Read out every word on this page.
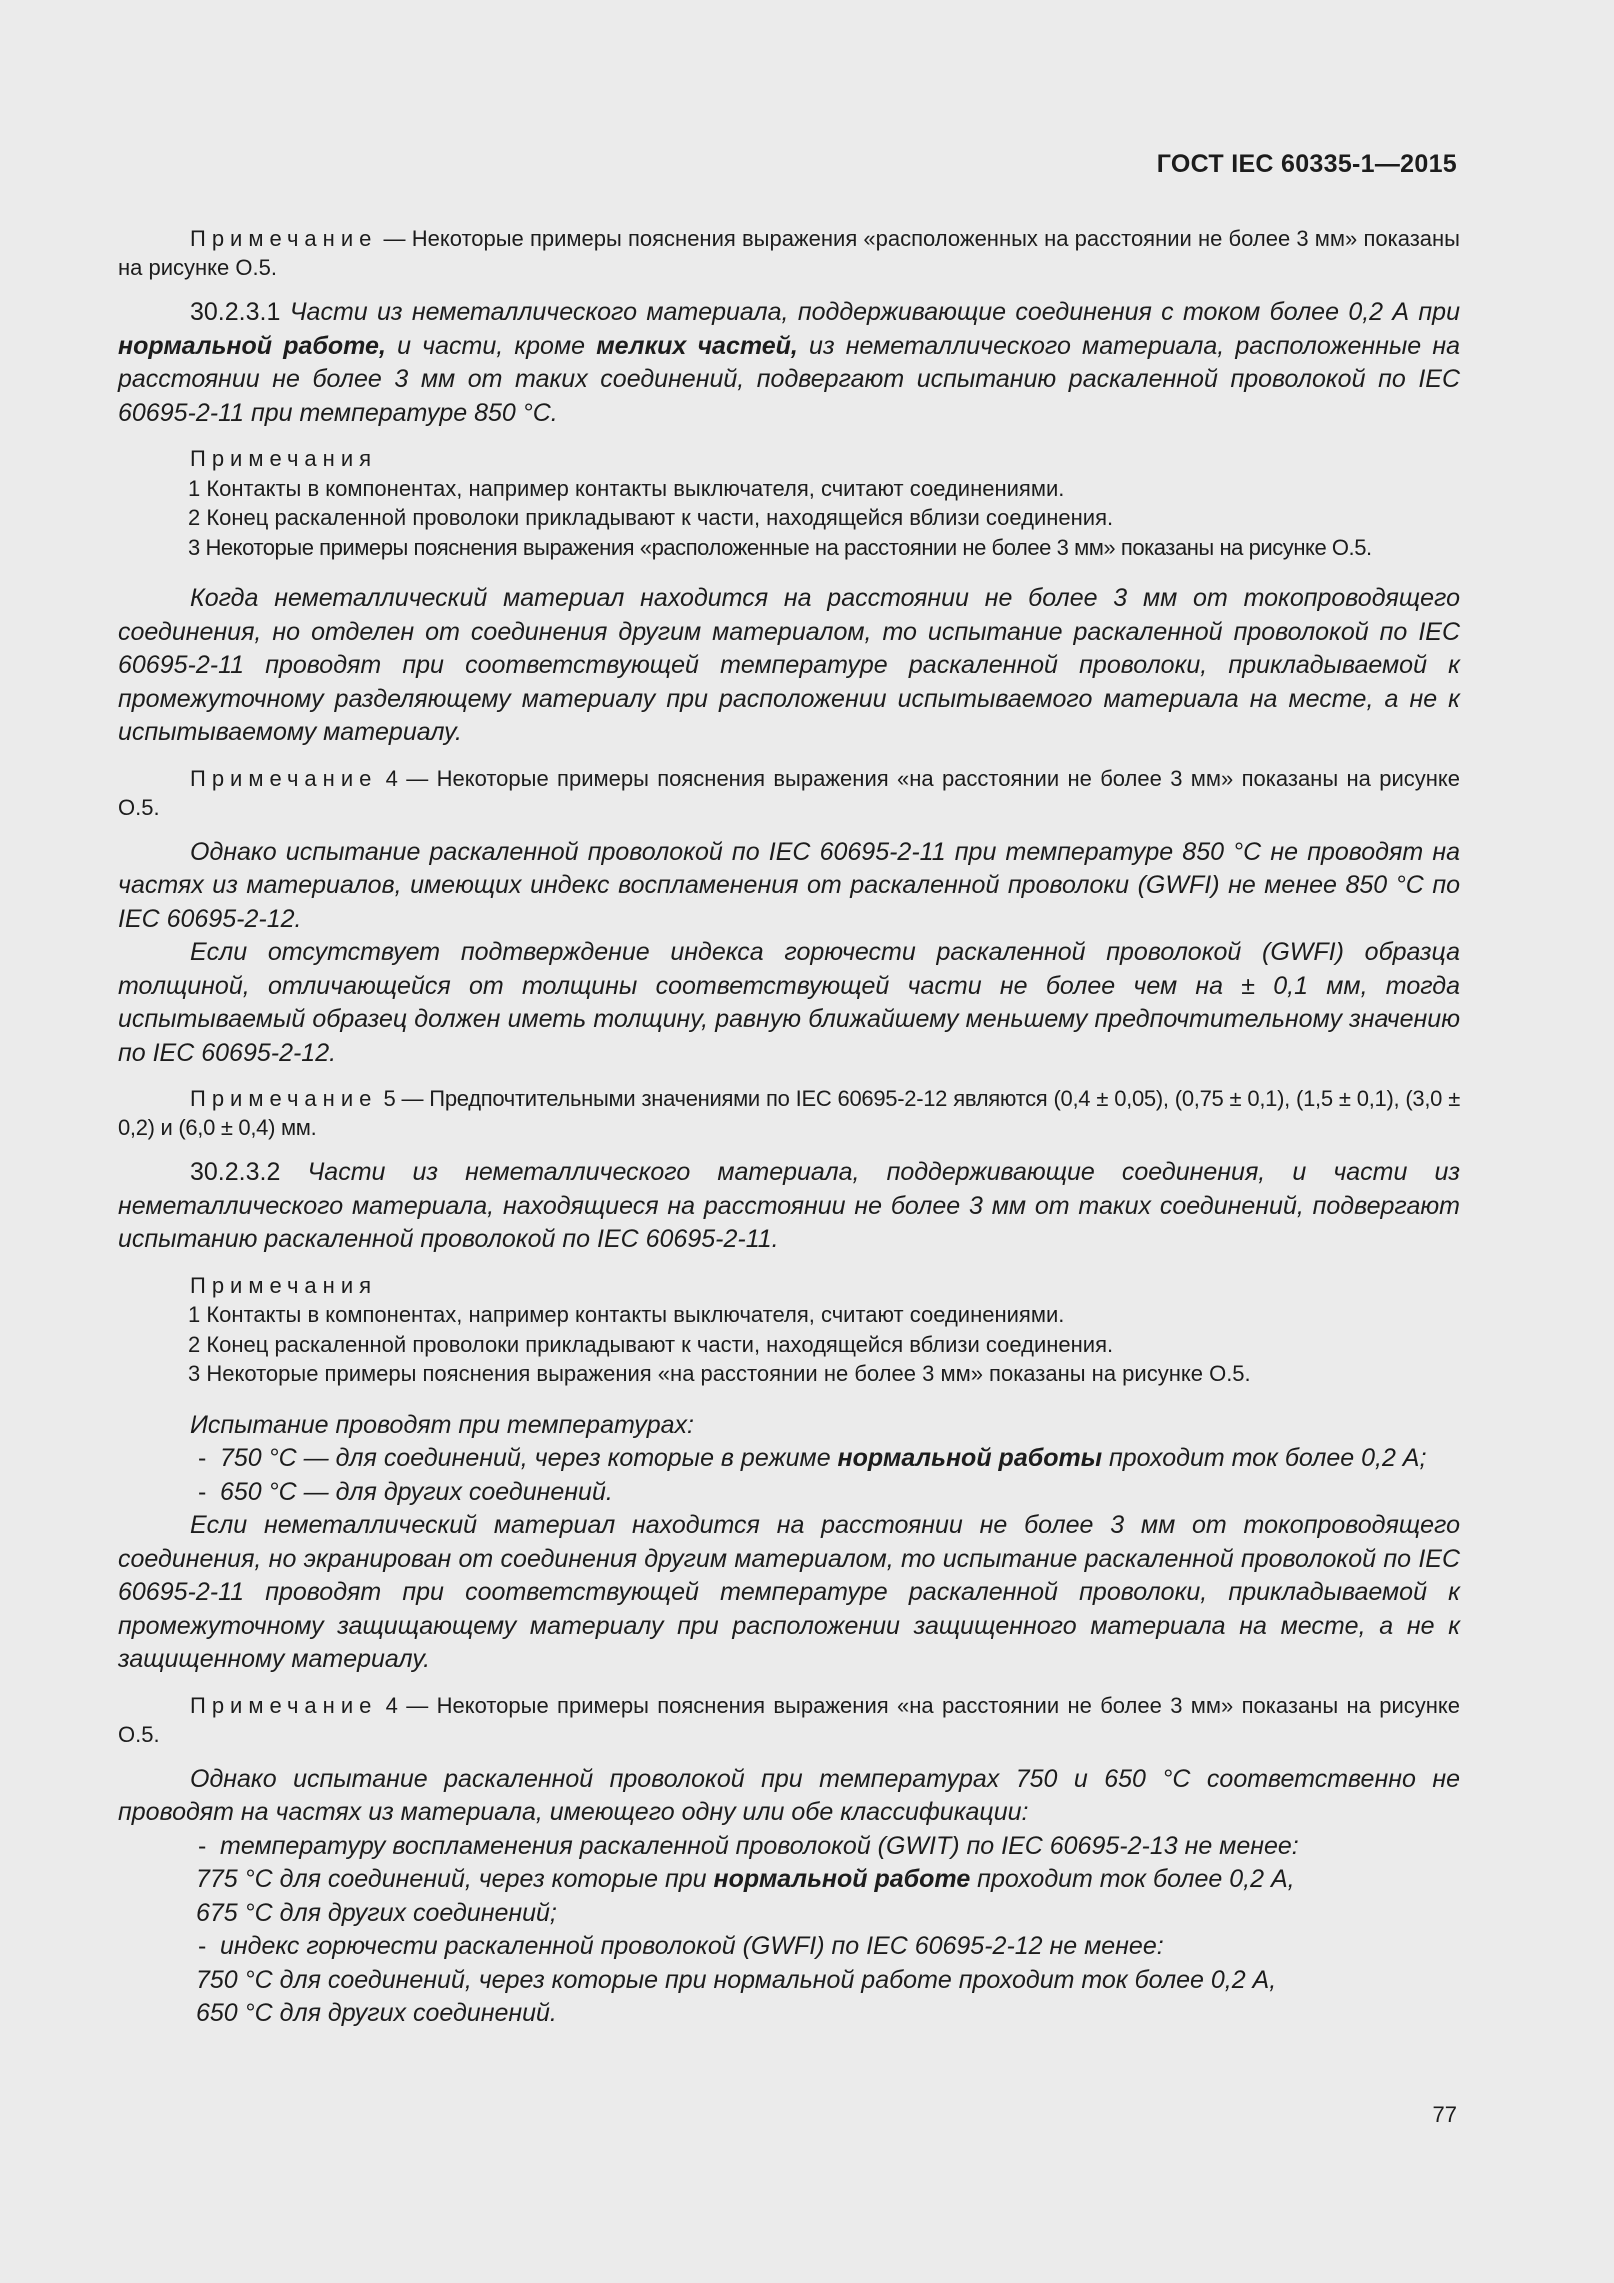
ГОСТ IEC 60335-1—2015

Примечание — Некоторые примеры пояснения выражения «расположенных на расстоянии не более 3 мм» показаны на рисунке O.5.

30.2.3.1 Части из неметаллического материала, поддерживающие соединения с током более 0,2 А при нормальной работе, и части, кроме мелких частей, из неметаллического материала, расположенные на расстоянии не более 3 мм от таких соединений, подвергают испытанию раскаленной проволокой по IEC 60695-2-11 при температуре 850 °C.

Примечания
1 Контакты в компонентах, например контакты выключателя, считают соединениями.
2 Конец раскаленной проволоки прикладывают к части, находящейся вблизи соединения.
3 Некоторые примеры пояснения выражения «расположенные на расстоянии не более 3 мм» показаны на рисунке O.5.

Когда неметаллический материал находится на расстоянии не более 3 мм от токопроводящего соединения, но отделен от соединения другим материалом, то испытание раскаленной проволокой по IEC 60695-2-11 проводят при соответствующей температуре раскаленной проволоки, прикладываемой к промежуточному разделяющему материалу при расположении испытываемого материала на месте, а не к испытываемому материалу.

Примечание 4 — Некоторые примеры пояснения выражения «на расстоянии не более 3 мм» показаны на рисунке O.5.

Однако испытание раскаленной проволокой по IEC 60695-2-11 при температуре 850 °C не проводят на частях из материалов, имеющих индекс воспламенения от раскаленной проволоки (GWFI) не менее 850 °C по IEC 60695-2-12.

Если отсутствует подтверждение индекса горючести раскаленной проволокой (GWFI) образца толщиной, отличающейся от толщины соответствующей части не более чем на ± 0,1 мм, тогда испытываемый образец должен иметь толщину, равную ближайшему меньшему предпочтительному значению по IEC 60695-2-12.

Примечание 5 — Предпочтительными значениями по IEC 60695-2-12 являются (0,4 ± 0,05), (0,75 ± 0,1), (1,5 ± 0,1), (3,0 ± 0,2) и (6,0 ± 0,4) мм.

30.2.3.2 Части из неметаллического материала, поддерживающие соединения, и части из неметаллического материала, находящиеся на расстоянии не более 3 мм от таких соединений, подвергают испытанию раскаленной проволокой по IEC 60695-2-11.

Примечания
1 Контакты в компонентах, например контакты выключателя, считают соединениями.
2 Конец раскаленной проволоки прикладывают к части, находящейся вблизи соединения.
3 Некоторые примеры пояснения выражения «на расстоянии не более 3 мм» показаны на рисунке O.5.

Испытание проводят при температурах:

- 750 °C — для соединений, через которые в режиме нормальной работы проходит ток более 0,2 А;
- 650 °C — для других соединений.

Если неметаллический материал находится на расстоянии не более 3 мм от токопроводящего соединения, но экранирован от соединения другим материалом, то испытание раскаленной проволокой по IEC 60695-2-11 проводят при соответствующей температуре раскаленной проволоки, прикладываемой к промежуточному защищающему материалу при расположении защищенного материала на месте, а не к защищенному материалу.

Примечание 4 — Некоторые примеры пояснения выражения «на расстоянии не более 3 мм» показаны на рисунке O.5.

Однако испытание раскаленной проволокой при температурах 750 и 650 °C соответственно не проводят на частях из материала, имеющего одну или обе классификации:

- температуру воспламенения раскаленной проволокой (GWIT) по IEC 60695-2-13 не менее:
775 °C для соединений, через которые при нормальной работе проходит ток более 0,2 А,
675 °C для других соединений;
- индекс горючести раскаленной проволокой (GWFI) по IEC 60695-2-12 не менее:
750 °C для соединений, через которые при нормальной работе проходит ток более 0,2 А,
650 °C для других соединений.
77
